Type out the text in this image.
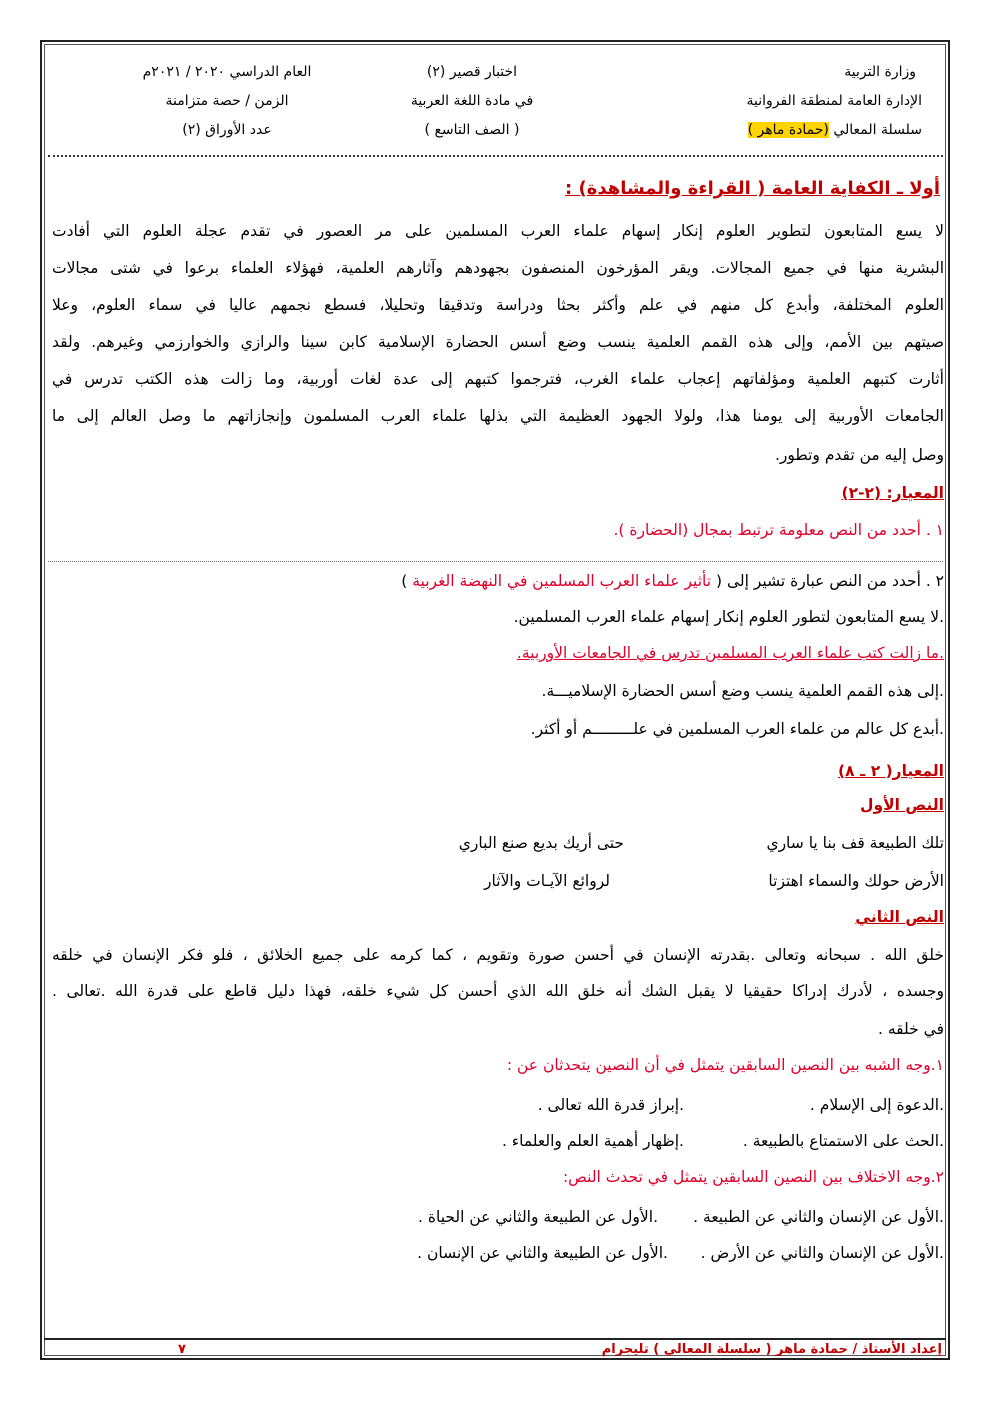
وزارة التربية
الإدارة العامة لمنطقة الفروانية
سلسلة المعالي (حمادة ماهر )
اختبار قصير (٢)
في مادة اللغة العربية
( الصف التاسع )
العام الدراسي ٢٠٢٠ / ٢٠٢١م
الزمن / حصة متزامنة
عدد الأوراق (٢)
أولا ـ الكفاية العامة ( القراءة والمشاهدة) :
لا يسع المتابعون لتطوير العلوم إنكار إسهام علماء العرب المسلمين على مر العصور في تقدم عجلة العلوم التي أفادت
البشرية منها في جميع المجالات. ويقر المؤرخون المنصفون بجهودهم وآثارهم العلمية، فهؤلاء العلماء برعوا في شتى مجالات
العلوم المختلفة، وأبدع كل منهم في علم وأكثر بحثا ودراسة وتدقيقا وتحليلا، فسطع نجمهم عاليا في سماء العلوم، وعلا
صيتهم بين الأمم، وإلى هذه القمم العلمية ينسب وضع أسس الحضارة الإسلامية كابن سينا والرازي والخوارزمي وغيرهم. ولقد
أثارت كتبهم العلمية ومؤلفاتهم إعجاب علماء الغرب، فترجموا كتبهم إلى عدة لغات أوربية، وما زالت هذه الكتب تدرس في
الجامعات الأوربية إلى يومنا هذا، ولولا الجهود العظيمة التي بذلها علماء العرب المسلمون وإنجازاتهم ما وصل العالم إلى ما
وصل إليه من تقدم وتطور.
المعيار: (٢-٢)
١ . أحدد من النص معلومة ترتبط بمجال (الحضارة ).
٢ . أحدد من النص عبارة تشير إلى ( تأثير علماء العرب المسلمين في النهضة الغربية )
.لا يسع المتابعون لتطور العلوم إنكار إسهام علماء العرب المسلمين.
.ما زالت كتب علماء العرب المسلمين تدرس في الجامعات الأوربية.
.إلى هذه القمم العلمية ينسب وضع أسس الحضارة الإسلاميـــة.
.أبدع كل عالم من علماء العرب المسلمين في علـــــــــم أو أكثر.
المعيار( ٢ ـ ٨)
النص الأول
تلك الطبيعة قف بنا يا ساري
حتى أريك بديع صنع الباري
الأرض حولك والسماء اهتزتا
لروائع الآيـات والآثار
النص الثاني
خلق الله . سبحانه وتعالى .بقدرته الإنسان في أحسن صورة وتقويم ، كما كرمه على جميع الخلائق ، فلو فكر الإنسان في خلقه
وجسده ، لأدرك إدراكا حقيقيا لا يقبل الشك أنه خلق الله الذي أحسن كل شيء خلقه، فهذا دليل قاطع على قدرة الله .تعالى .
في خلقه .
١.وجه الشبه بين النصين السابقين يتمثل في أن النصين يتحدثان عن :
.الدعوة إلى الإسلام .
.إبراز قدرة الله تعالى .
.الحث على الاستمتاع بالطبيعة .
.إظهار أهمية العلم والعلماء .
٢.وجه الاختلاف بين النصين السابقين يتمثل في تحدث النص:
.الأول عن الإنسان والثاني عن الطبيعة .
.الأول عن الطبيعة والثاني عن الحياة .
.الأول عن الإنسان والثاني عن الأرض .
.الأول عن الطبيعة والثاني عن الإنسان .
إعداد الأستاذ / حمادة ماهر ( سلسلة المعالي ) تليجرام
٧
